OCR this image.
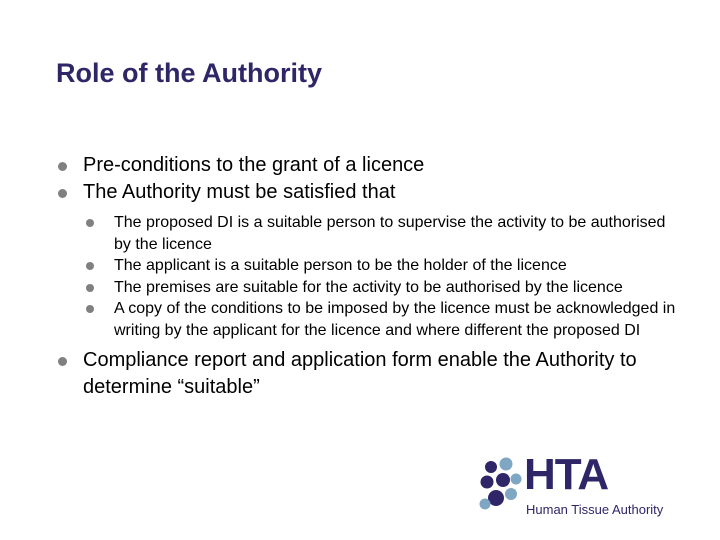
Role of the Authority
Pre-conditions to the grant of a licence
The Authority must be satisfied that
The proposed DI is a suitable person to supervise the activity to be authorised by the licence
The applicant is a suitable person to be the holder of the licence
The premises are suitable for the activity to be authorised by the licence
A copy of the conditions to be imposed by the licence must be acknowledged in writing by the applicant for the licence and where different the proposed DI
Compliance report and application form enable the Authority to determine “suitable”
HTA
Human Tissue Authority
